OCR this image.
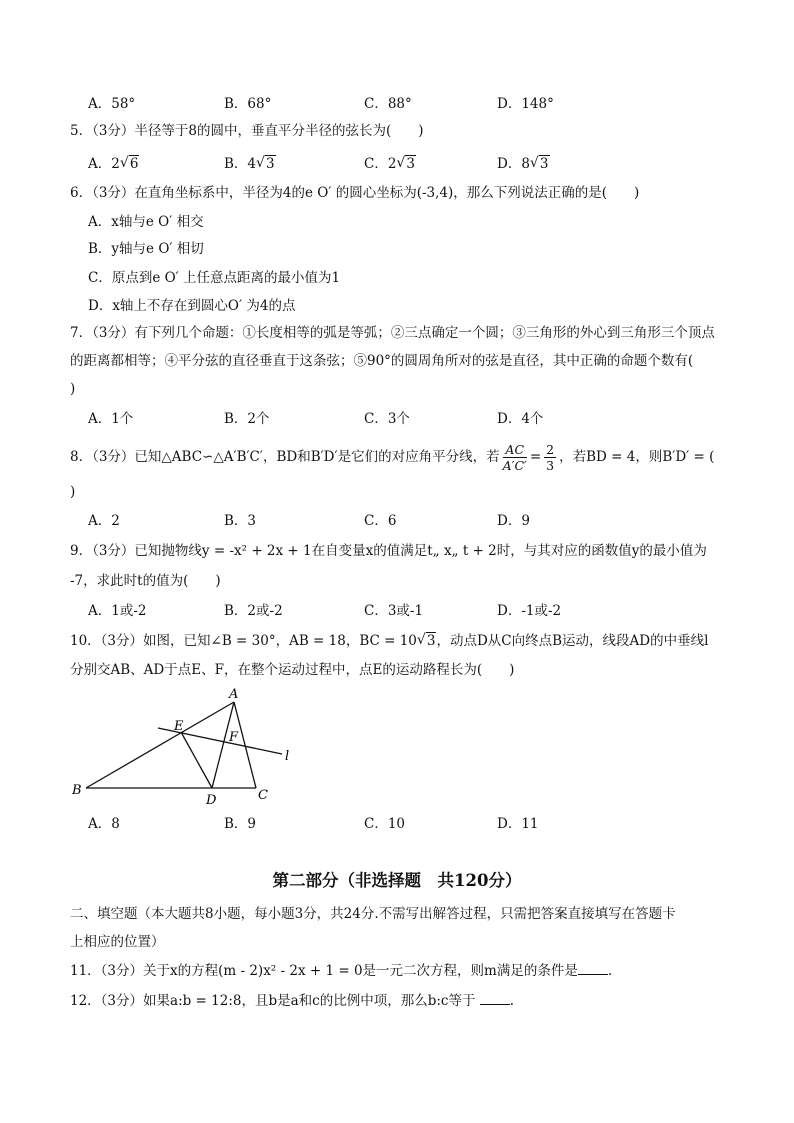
A．58°	B．68°	C．88°	D．148°
5．（3分）半径等于8的圆中，垂直平分半径的弦长为(　　)
A．2 √ 6	B．4 √ 3	C．2 √ 3	D．8 √ 3
6．（3分）在直角坐标系中，半径为4的e O′ 的圆心坐标为(-3,4)，那么下列说法正确的是(　　)
A．x轴与e O′ 相交
B．y轴与e O′ 相切
C．原点到e O′ 上任意点距离的最小值为1
D．x轴上不存在到圆心O′ 为4的点
7．（3分）有下列几个命题：①长度相等的弧是等弧；②三点确定一个圆；③三角形的外心到三角形三个顶点
的距离都相等；④平分弦的直径垂直于这条弦；⑤90°的圆周角所对的弦是直径，其中正确的命题个数有(
)
A．1个	B．2个	C．3个	D．4个
8．（3分）已知△ABC∽△A′B′C′，BD和B′D′是它们的对应角平分线，若 $\frac{AC}{A'C'} = \frac{2}{3}$ ，若BD = 4，则B′D′ = (
)
A．2	B．3	C．6	D．9
9．（3分）已知抛物线y = -x² + 2x + 1在自变量x的值满足t„ x„ t + 2时，与其对应的函数值y的最小值为
-7，求此时t的值为(　　)
A．1或-2	B．2或-2	C．3或-1	D．-1或-2
10．（3分）如图，已知∠B = 30°，AB = 18，BC = 10 √ 3，动点D从C向终点B运动，线段AD的中垂线l
分别交AB、AD于点E、F，在整个运动过程中，点E的运动路程长为(　　)
A
B	C
D
E
F
l
A．8	B．9	C．10	D．11
第二部分（非选择题　共120分）
二、填空题（本大题共8小题，每小题3分，共24分.不需写出解答过程，只需把答案直接填写在答题卡
上相应的位置）
11．（3分）关于x的方程(m - 2)x² - 2x + 1 = 0是一元二次方程，则m满足的条件是 .
12．（3分）如果a:b = 12:8，且b是a和c的比例中项，那么b:c等于 .
